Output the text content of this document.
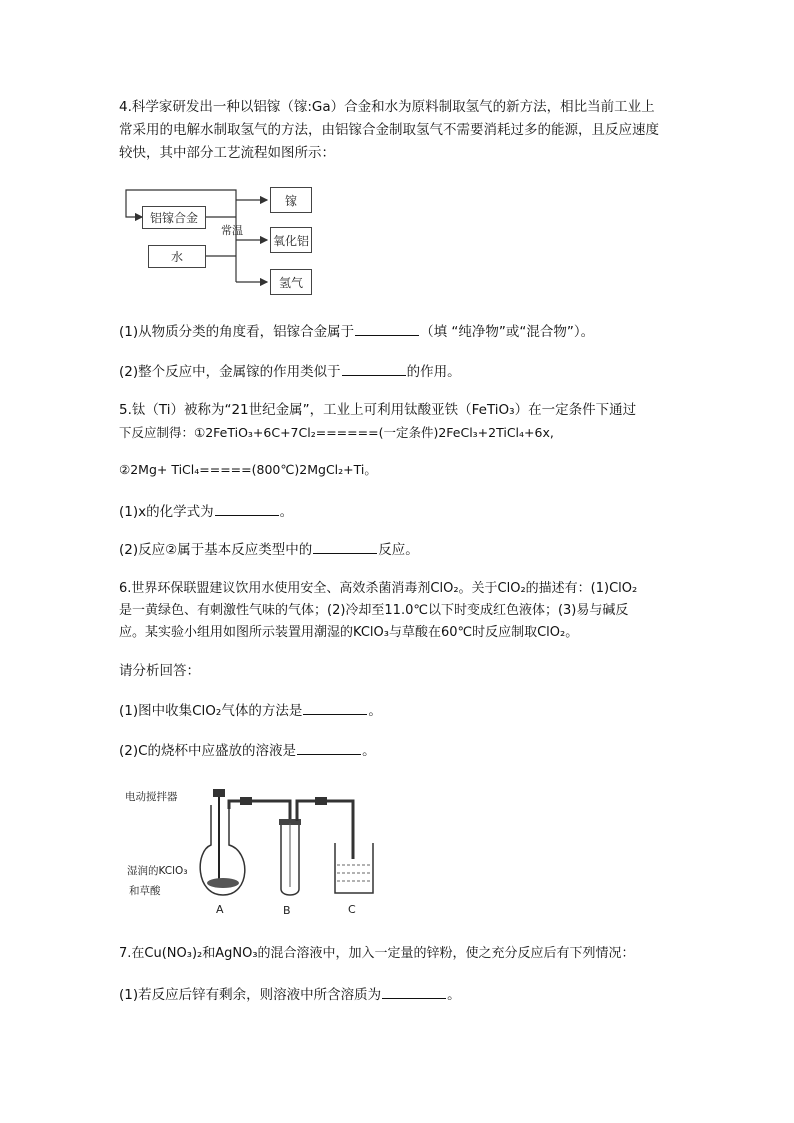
4.科学家研发出一种以铝镓（镓:Ga）合金和水为原料制取氢气的新方法，相比当前工业上
常采用的电解水制取氢气的方法，由铝镓合金制取氢气不需要消耗过多的能源，且反应速度
较快，其中部分工艺流程如图所示：
铝镓合金
水
常温
镓
氧化铝
氢气
(1)从物质分类的角度看，铝镓合金属于	（填 “纯净物”或“混合物”）。
(2)整个反应中，金属镓的作用类似于	的作用。
5.钛（Ti）被称为“21世纪金属”，工业上可利用钛酸亚铁（FeTiO₃）在一定条件下通过
下反应制得：①2FeTiO₃+6C+7Cl₂======(一定条件)2FeCl₃+2TiCl₄+6x,
②2Mg+ TiCl₄=====(800℃)2MgCl₂+Ti。
(1)x的化学式为	。
(2)反应②属于基本反应类型中的	反应。
6.世界环保联盟建议饮用水使用安全、高效杀菌消毒剂ClO₂。关于ClO₂的描述有：(1)ClO₂
是一黄绿色、有刺激性气味的气体；(2)冷却至11.0℃以下时变成红色液体；(3)易与碱反
应。某实验小组用如图所示装置用潮湿的KClO₃与草酸在60℃时反应制取ClO₂。
请分析回答：
(1)图中收集ClO₂气体的方法是	。
(2)C的烧杯中应盛放的溶液是	。
电动搅拌器
湿润的KClO₃
和草酸
A	B	C
7.在Cu(NO₃)₂和AgNO₃的混合溶液中，加入一定量的锌粉，使之充分反应后有下列情况：
(1)若反应后锌有剩余，则溶液中所含溶质为	。
